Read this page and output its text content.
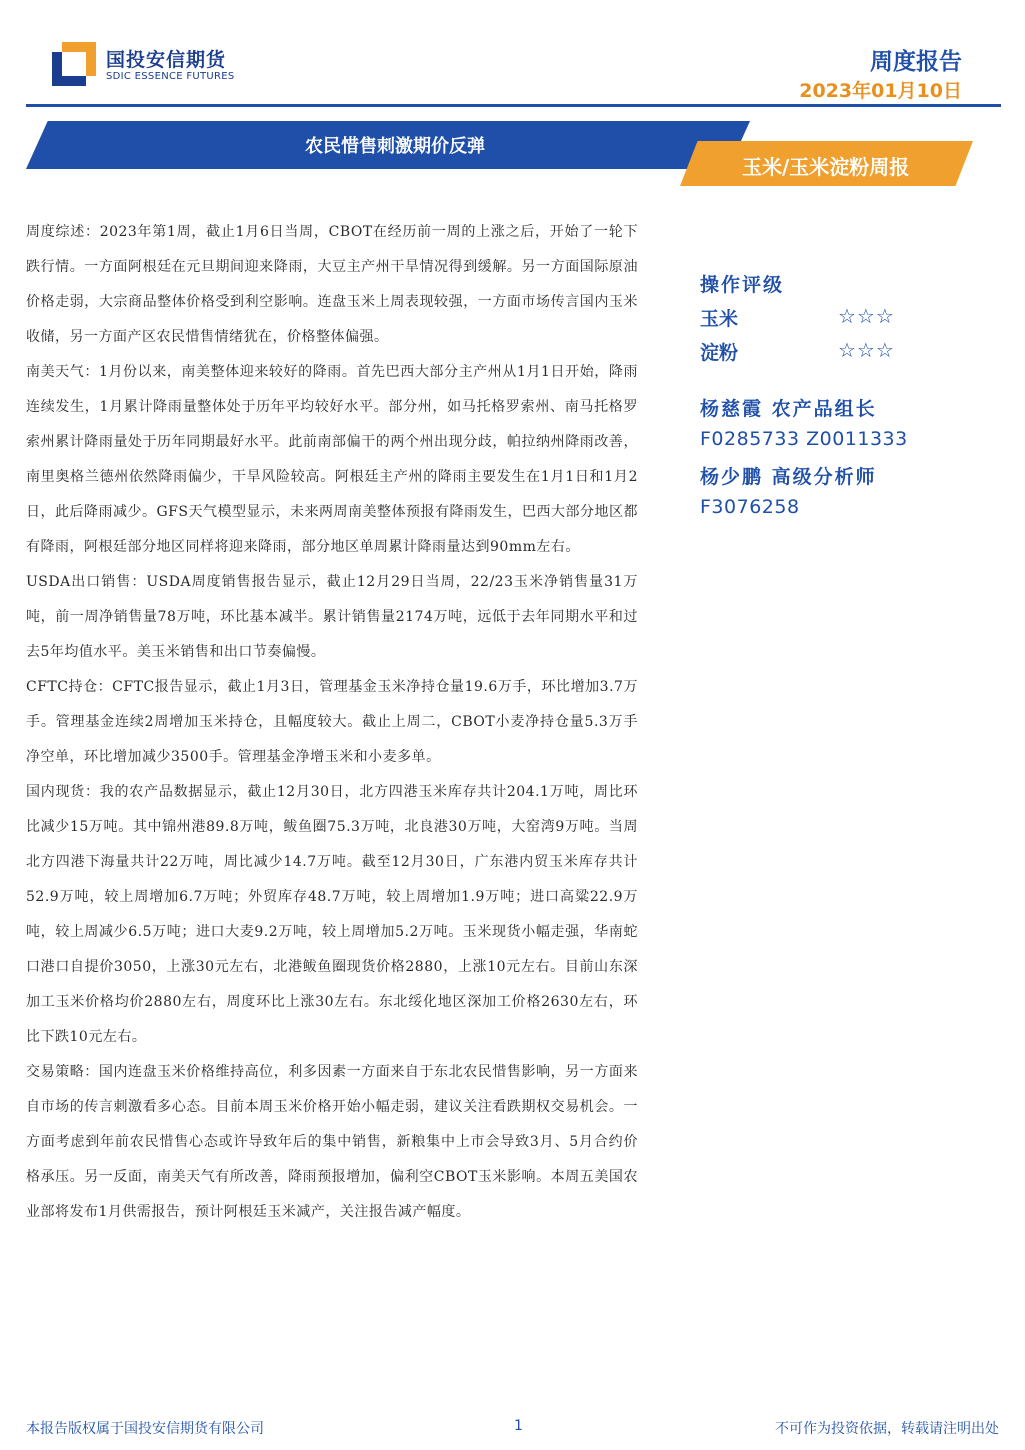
国投安信期货
SDIC ESSENCE FUTURES
周度报告
2023年01月10日
农民惜售刺激期价反弹
玉米/玉米淀粉周报

周度综述：2023年第1周，截止1月6日当周，CBOT在经历前一周的上涨之后，开始了一轮下跌行情。一方面阿根廷在元旦期间迎来降雨，大豆主产州干旱情况得到缓解。另一方面国际原油价格走弱，大宗商品整体价格受到利空影响。连盘玉米上周表现较强，一方面市场传言国内玉米收储，另一方面产区农民惜售情绪犹在，价格整体偏强。

南美天气：1月份以来，南美整体迎来较好的降雨。首先巴西大部分主产州从1月1日开始，降雨连续发生，1月累计降雨量整体处于历年平均较好水平。部分州，如马托格罗索州、南马托格罗索州累计降雨量处于历年同期最好水平。此前南部偏干的两个州出现分歧，帕拉纳州降雨改善，南里奥格兰德州依然降雨偏少，干旱风险较高。阿根廷主产州的降雨主要发生在1月1日和1月2日，此后降雨减少。GFS天气模型显示，未来两周南美整体预报有降雨发生，巴西大部分地区都有降雨，阿根廷部分地区同样将迎来降雨，部分地区单周累计降雨量达到90mm左右。

USDA出口销售：USDA周度销售报告显示，截止12月29日当周，22/23玉米净销售量31万吨，前一周净销售量78万吨，环比基本减半。累计销售量2174万吨，远低于去年同期水平和过去5年均值水平。美玉米销售和出口节奏偏慢。

CFTC持仓：CFTC报告显示，截止1月3日，管理基金玉米净持仓量19.6万手，环比增加3.7万手。管理基金连续2周增加玉米持仓，且幅度较大。截止上周二，CBOT小麦净持仓量5.3万手净空单，环比增加减少3500手。管理基金净增玉米和小麦多单。

国内现货：我的农产品数据显示，截止12月30日，北方四港玉米库存共计204.1万吨，周比环比减少15万吨。其中锦州港89.8万吨，鲅鱼圈75.3万吨，北良港30万吨，大窑湾9万吨。当周北方四港下海量共计22万吨，周比减少14.7万吨。截至12月30日，广东港内贸玉米库存共计52.9万吨，较上周增加6.7万吨；外贸库存48.7万吨，较上周增加1.9万吨；进口高粱22.9万吨，较上周减少6.5万吨；进口大麦9.2万吨，较上周增加5.2万吨。玉米现货小幅走强，华南蛇口港口自提价3050，上涨30元左右，北港鲅鱼圈现货价格2880，上涨10元左右。目前山东深加工玉米价格均价2880左右，周度环比上涨30左右。东北绥化地区深加工价格2630左右，环比下跌10元左右。

交易策略：国内连盘玉米价格维持高位，利多因素一方面来自于东北农民惜售影响，另一方面来自市场的传言刺激看多心态。目前本周玉米价格开始小幅走弱，建议关注看跌期权交易机会。一方面考虑到年前农民惜售心态或许导致年后的集中销售，新粮集中上市会导致3月、5月合约价格承压。另一反面，南美天气有所改善，降雨预报增加，偏利空CBOT玉米影响。本周五美国农业部将发布1月供需报告，预计阿根廷玉米减产，关注报告减产幅度。

操作评级
玉米	☆☆☆
淀粉	☆☆☆
杨慈霞 农产品组长
F0285733 Z0011333
杨少鹏 高级分析师
F3076258
本报告版权属于国投安信期货有限公司	1	不可作为投资依据，转载请注明出处
